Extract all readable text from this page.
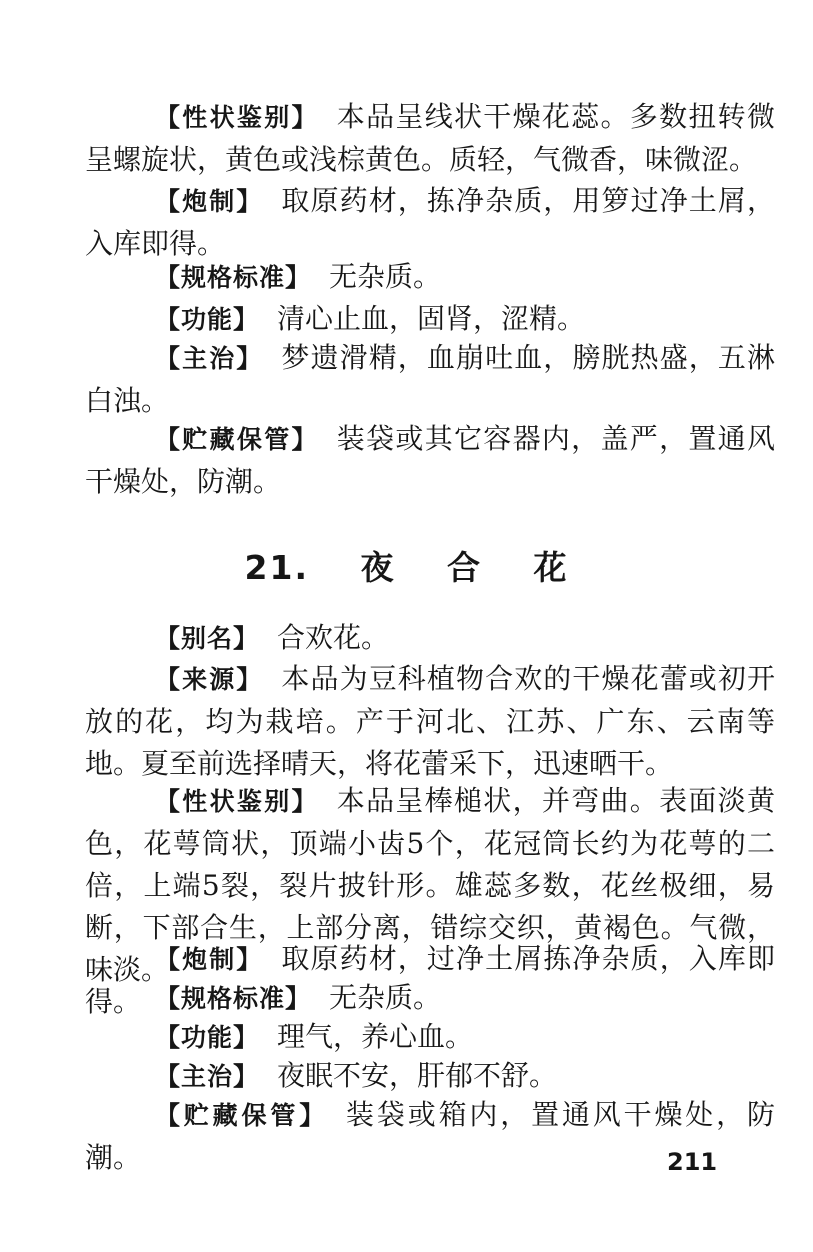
【性状鉴别】 本品呈线状干燥花蕊。多数扭转微呈螺旋状，黄色或浅棕黄色。质轻，气微香，味微涩。

【炮制】 取原药材，拣净杂质，用箩过净土屑，入库即得。

【规格标准】 无杂质。

【功能】 清心止血，固肾，涩精。

【主治】 梦遗滑精，血崩吐血，膀胱热盛，五淋白浊。

【贮藏保管】 装袋或其它容器内，盖严，置通风干燥处，防潮。

21. 夜 合 花

【别名】 合欢花。

【来源】 本品为豆科植物合欢的干燥花蕾或初开放的花，均为栽培。产于河北、江苏、广东、云南等地。夏至前选择晴天，将花蕾采下，迅速晒干。

【性状鉴别】 本品呈棒槌状，并弯曲。表面淡黄色，花萼筒状，顶端小齿5个，花冠筒长约为花萼的二倍，上端5裂，裂片披针形。雄蕊多数，花丝极细，易断，下部合生，上部分离，错综交织，黄褐色。气微，味淡。

【炮制】 取原药材，过净土屑拣净杂质，入库即得。 【规格标准】 无杂质。

【功能】 理气，养心血。

【主治】 夜眠不安，肝郁不舒。

【贮藏保管】 装袋或箱内，置通风干燥处，防潮。	211
